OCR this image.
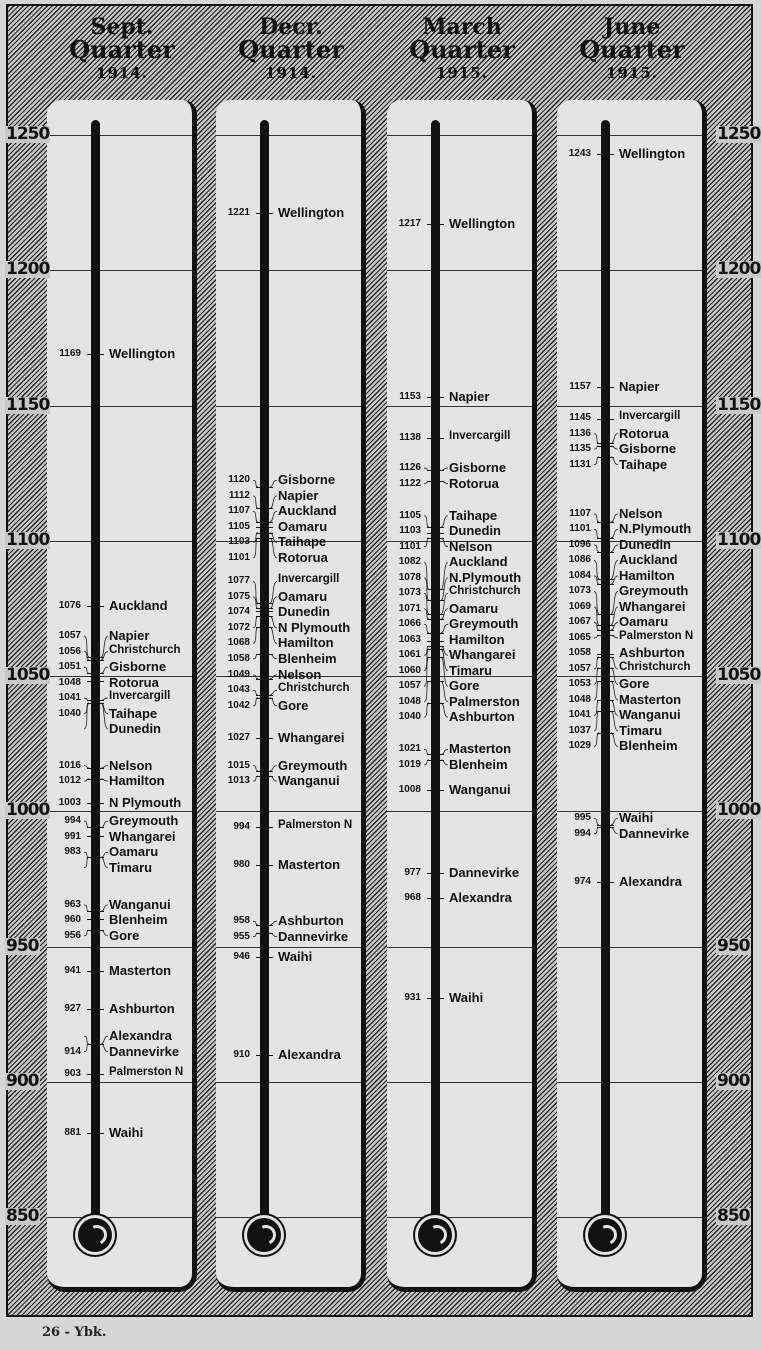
Sept.
Quarter
1914.
Decr.
Quarter
1914.
March
Quarter
1915.
June
Quarter
1915.
1169 Wellington
1076 Auckland
1057 Napier
1056 Christchurch
1051 Gisborne
1048 Rotorua
1041 Invercargill
1040 Taihape
Dunedin
1016 Nelson
1012 Hamilton
1003 N Plymouth
994 Greymouth
991 Whangarei
983 Oamaru
Timaru
963 Wanganui
960 Blenheim
956 Gore
941 Masterton
927 Ashburton
Alexandra
914 Dannevirke
903 Palmerston N
881 Waihi
1221 Wellington
1120 Gisborne
1112 Napier
1107 Auckland
1105 Oamaru
1103 Taihape
1101 Rotorua
1077 Invercargill
1075 Oamaru
1074 Dunedin
1072 N Plymouth
1068 Hamilton
1058 Blenheim
1049 Nelson
1043 Christchurch
1042 Gore
1027 Whangarei
1015 Greymouth
1013 Wanganui
994 Palmerston N
980 Masterton
958 Ashburton
955 Dannevirke
946 Waihi
910 Alexandra
1217 Wellington
1153 Napier
1138 Invercargill
1126 Gisborne
1122 Rotorua
1105 Taihape
1103 Dunedin
1101 Nelson
1082 Auckland
1078 N.Plymouth
1073 Christchurch
1071 Oamaru
1066 Greymouth
1063 Hamilton
1061 Whangarei
1060 Timaru
1057 Gore
1048 Palmerston
1040 Ashburton
1021 Masterton
1019 Blenheim
1008 Wanganui
977 Dannevirke
968 Alexandra
931 Waihi
1243 Wellington
1157 Napier
1145 Invercargill
1136 Rotorua
1135 Gisborne
1131 Taihape
1107 Nelson
1101 N.Plymouth
1096 Dunedin
1086 Auckland
1084 Hamilton
1073 Greymouth
1069 Whangarei
1067 Oamaru
1065 Palmerston N
1058 Ashburton
1057 Christchurch
1053 Gore
1048 Masterton
1041 Wanganui
1037 Timaru
1029 Blenheim
995 Waihi
994 Dannevirke
974 Alexandra
1250
1200
1150
1100
1050
1000
950
900
850
1250
1200
1150
1100
1050
1000
950
900
850
26 - Ybk.
